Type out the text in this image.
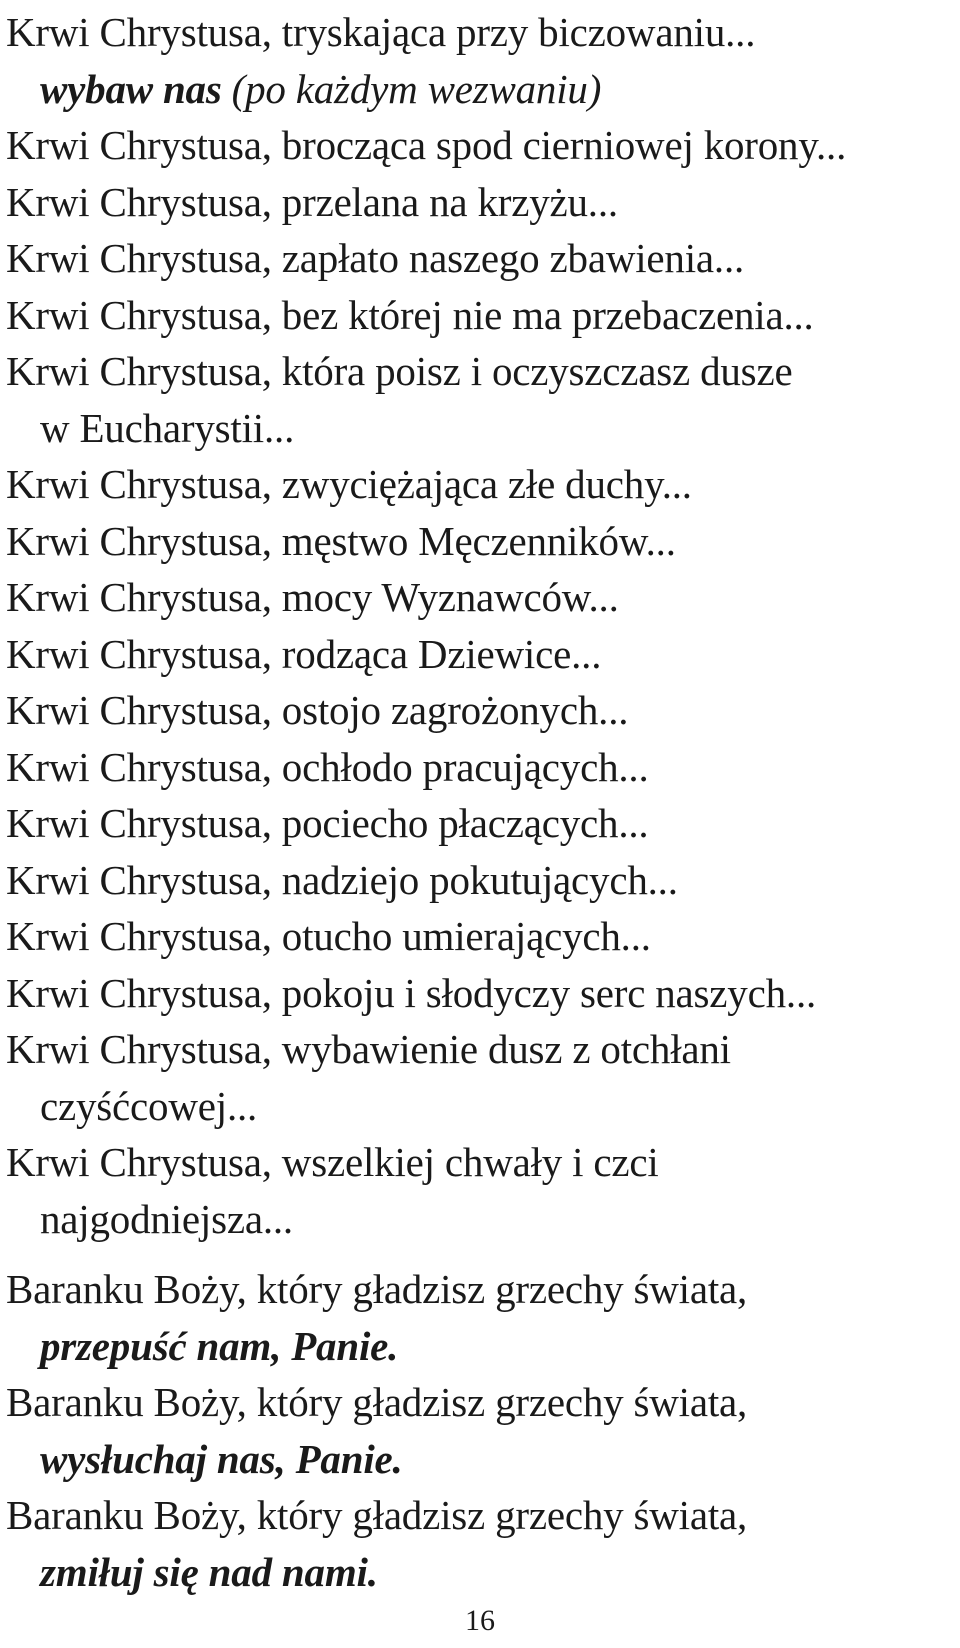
Krwi Chrystusa, tryskająca przy biczowaniu...
wybaw nas (po każdym wezwaniu)
Krwi Chrystusa, brocząca spod cierniowej korony...
Krwi Chrystusa, przelana na krzyżu...
Krwi Chrystusa, zapłato naszego zbawienia...
Krwi Chrystusa, bez której nie ma przebaczenia...
Krwi Chrystusa, która poisz i oczyszczasz dusze
w Eucharystii...
Krwi Chrystusa, zwyciężająca złe duchy...
Krwi Chrystusa, męstwo Męczenników...
Krwi Chrystusa, mocy Wyznawców...
Krwi Chrystusa, rodząca Dziewice...
Krwi Chrystusa, ostojo zagrożonych...
Krwi Chrystusa, ochłodo pracujących...
Krwi Chrystusa, pociecho płaczących...
Krwi Chrystusa, nadziejo pokutujących...
Krwi Chrystusa, otucho umierających...
Krwi Chrystusa, pokoju i słodyczy serc naszych...
Krwi Chrystusa, wybawienie dusz z otchłani
czyśćcowej...
Krwi Chrystusa, wszelkiej chwały i czci
najgodniejsza...
Baranku Boży, który gładzisz grzechy świata,
przepuść nam, Panie.
Baranku Boży, który gładzisz grzechy świata,
wysłuchaj nas, Panie.
Baranku Boży, który gładzisz grzechy świata,
zmiłuj się nad nami.
16
